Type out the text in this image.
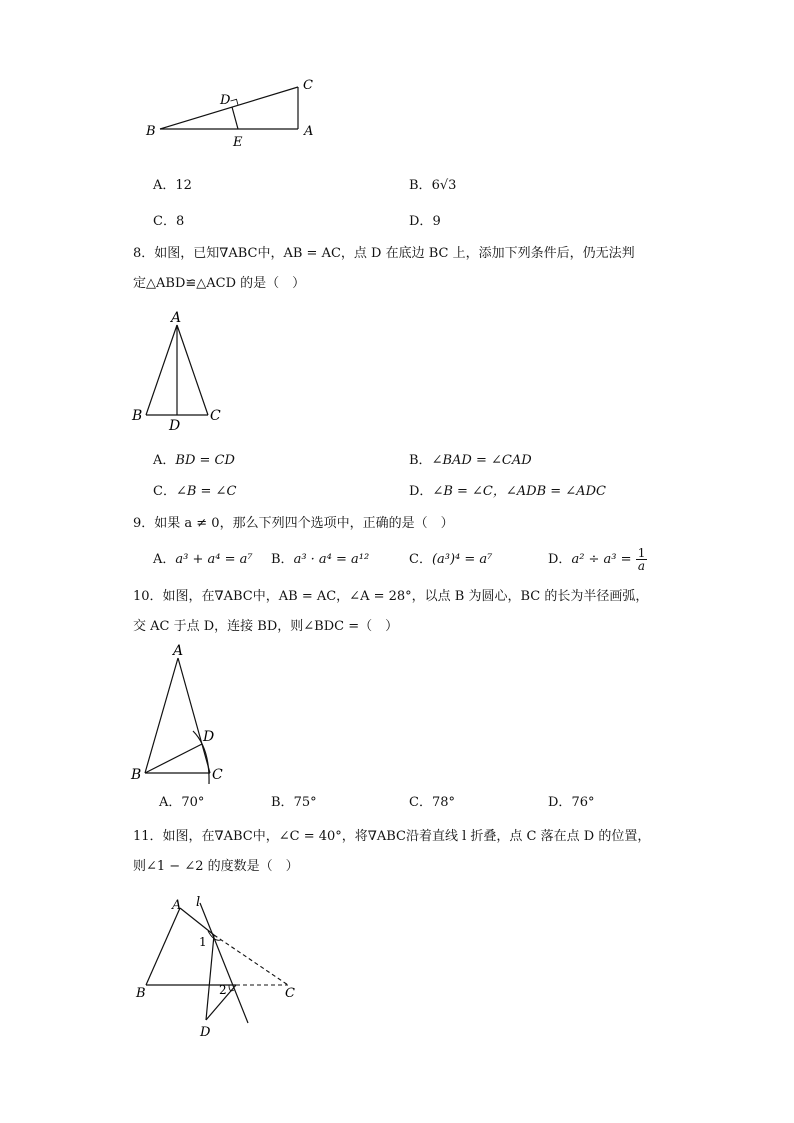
D
C
B	A
E
A．12	B．6√3
C．8	D．9
8．如图，已知∇ABC中，AB = AC，点 D 在底边 BC 上，添加下列条件后，仍无法判
定△ABD≌△ACD 的是（　）
A
B	C
D
A．BD = CD	B．∠BAD = ∠CAD
C．∠B = ∠C	D．∠B = ∠C，∠ADB = ∠ADC
9．如果 a ≠ 0，那么下列四个选项中，正确的是（　）
A．a³ + a⁴ = a⁷ B．a³ · a⁴ = a¹²	C．(a³)⁴ = a⁷	D．$a^2 \div a^3 = \frac{1}{a}$
10．如图，在∇ABC中，AB = AC，∠A = 28°，以点 B 为圆心，BC 的长为半径画弧，
交 AC 于点 D，连接 BD，则∠BDC =（　）
A
D
B	C
A．70°	B．75°	C．78°	D．76°
11．如图，在∇ABC中，∠C = 40°，将∇ABC沿着直线 l 折叠，点 C 落在点 D 的位置，
则∠1 − ∠2 的度数是（　）
A l
1
B	2	C
D
